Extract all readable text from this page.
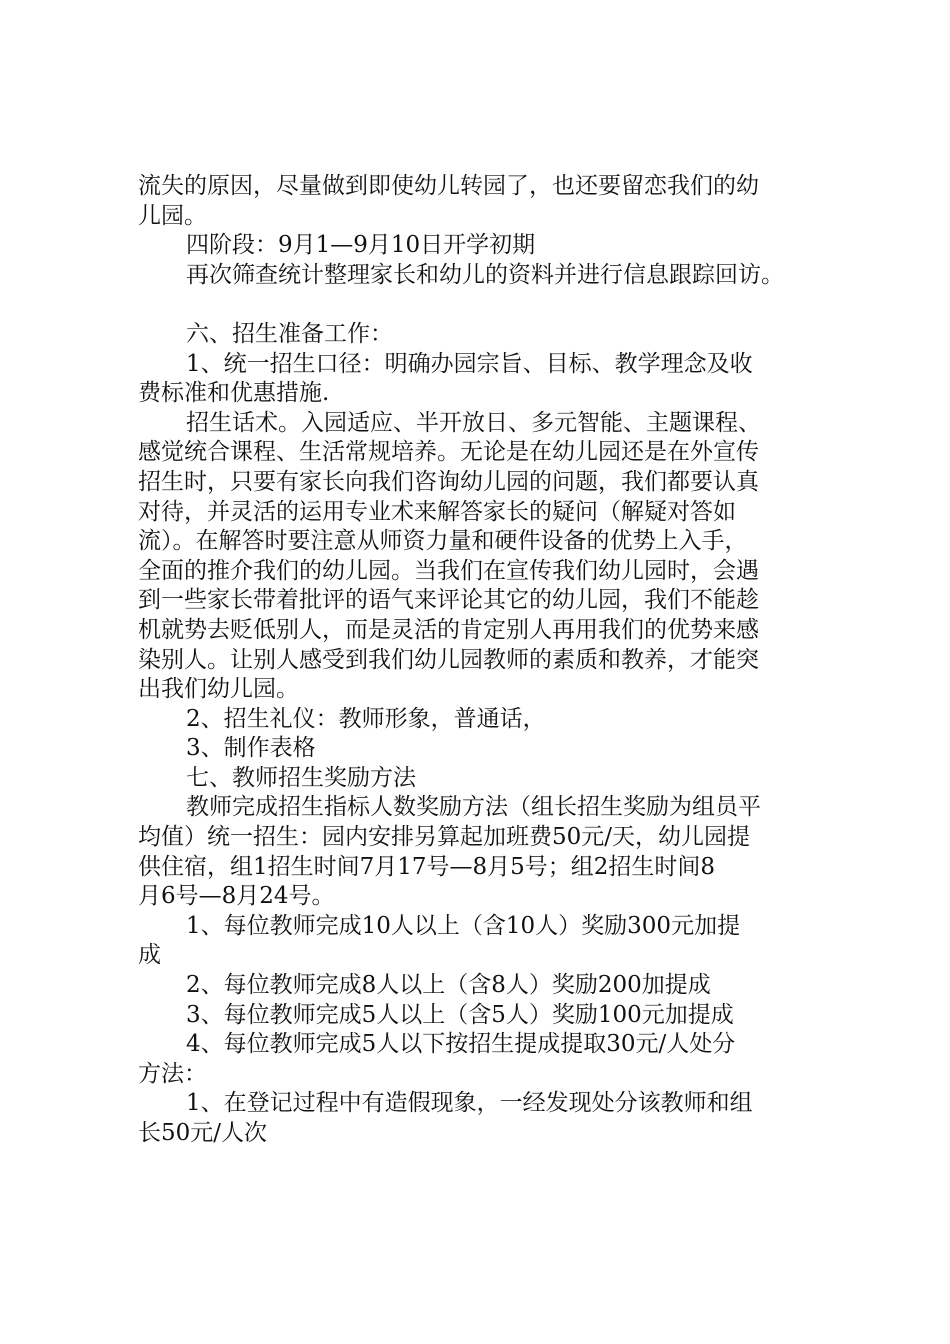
流失的原因，尽量做到即使幼儿转园了，也还要留恋我们的幼
儿园。
四阶段：9月1—9月10日开学初期
再次筛查统计整理家长和幼儿的资料并进行信息跟踪回访。
六、招生准备工作：
1、统一招生口径：明确办园宗旨、目标、教学理念及收
费标准和优惠措施.
招生话术。入园适应、半开放日、多元智能、主题课程、
感觉统合课程、生活常规培养。无论是在幼儿园还是在外宣传
招生时，只要有家长向我们咨询幼儿园的问题，我们都要认真
对待，并灵活的运用专业术来解答家长的疑问（解疑对答如
流）。在解答时要注意从师资力量和硬件设备的优势上入手，
全面的推介我们的幼儿园。当我们在宣传我们幼儿园时，会遇
到一些家长带着批评的语气来评论其它的幼儿园，我们不能趁
机就势去贬低别人，而是灵活的肯定别人再用我们的优势来感
染别人。让别人感受到我们幼儿园教师的素质和教养，才能突
出我们幼儿园。
2、招生礼仪：教师形象，普通话，
3、制作表格
七、教师招生奖励方法
教师完成招生指标人数奖励方法（组长招生奖励为组员平
均值）统一招生：园内安排另算起加班费50元/天，幼儿园提
供住宿，组1招生时间7月17号—8月5号；组2招生时间8
月6号—8月24号。
1、每位教师完成10人以上（含10人）奖励300元加提
成
2、每位教师完成8人以上（含8人）奖励200加提成
3、每位教师完成5人以上（含5人）奖励100元加提成
4、每位教师完成5人以下按招生提成提取30元/人处分
方法：
1、在登记过程中有造假现象，一经发现处分该教师和组
长50元/人次
